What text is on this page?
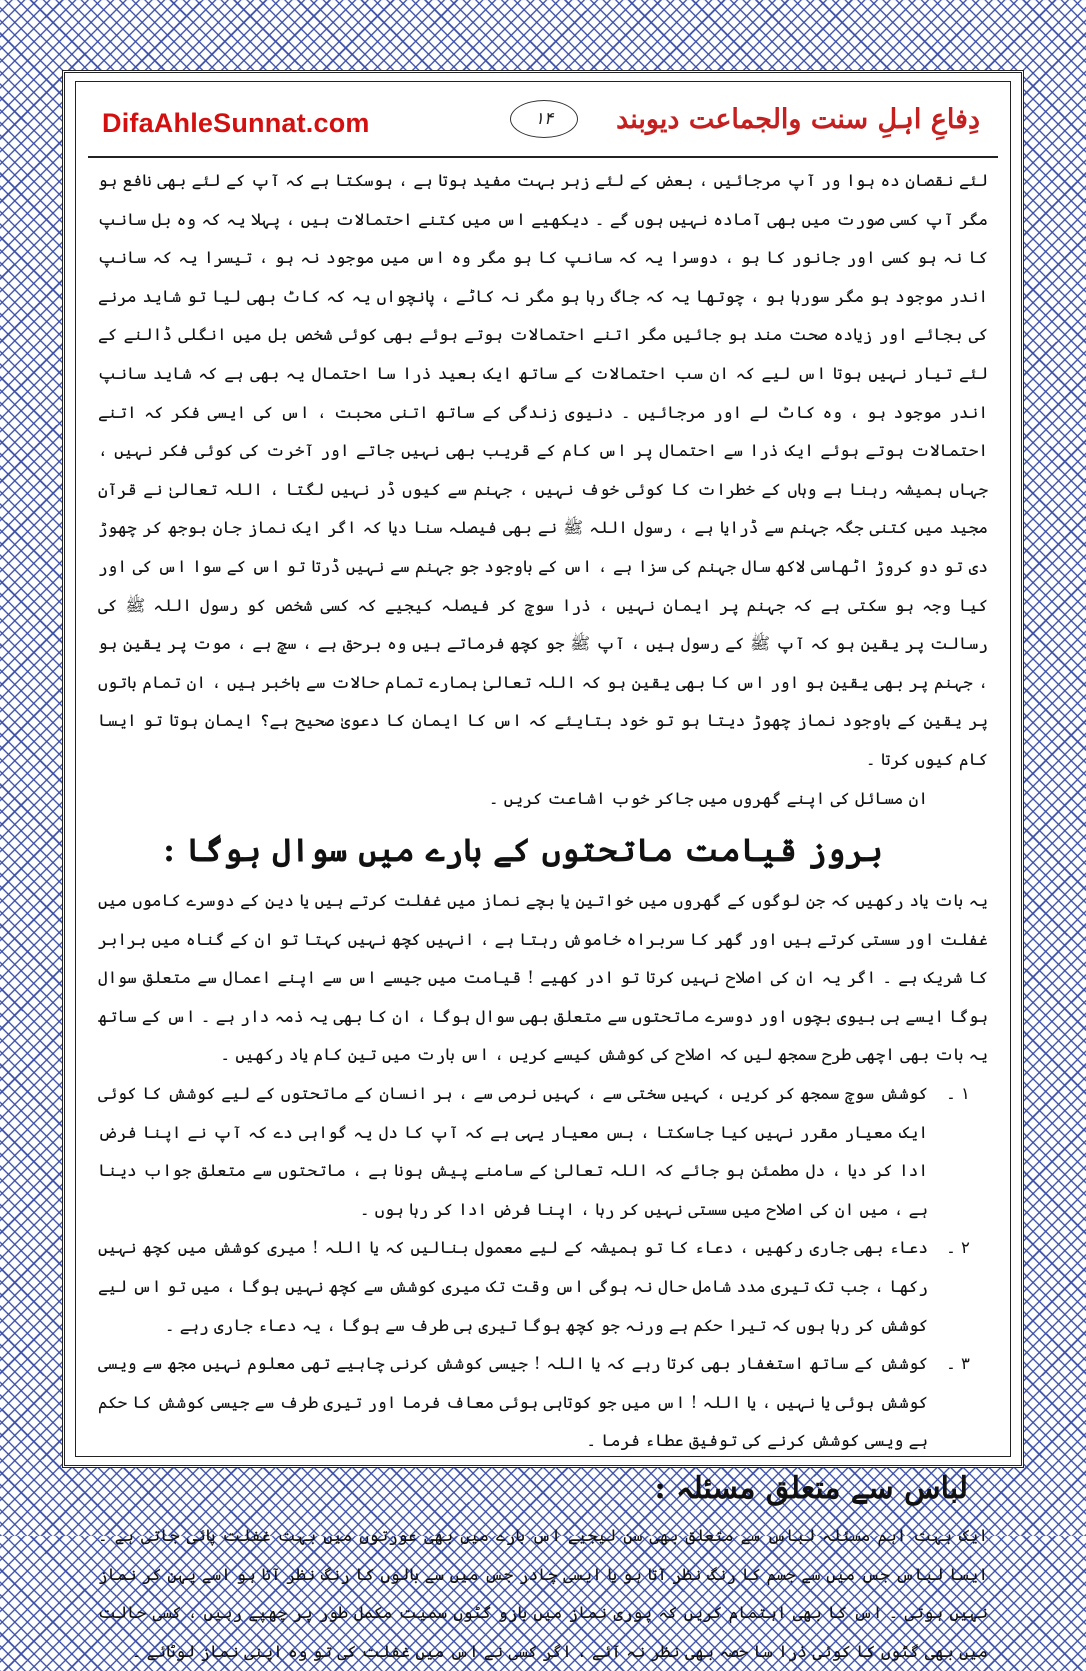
DifaAhleSunnat.com	۱۴	دِفاعِ اہلِ سنت والجماعت دیوبند

لئے نقصان دہ ہوا ور آپ مرجائیں ، بعض کے لئے زہر بہت مفید ہوتا ہے ، ہوسکتا ہے کہ آپ کے لئے بھی نافع ہو مگر آپ کسی صورت میں بھی آمادہ نہیں ہوں گے ۔ دیکھیے اس میں کتنے احتمالات ہیں ، پہلا یہ کہ وہ بل سانپ کا نہ ہو کسی اور جانور کا ہو ، دوسرا یہ کہ سانپ کا ہو مگر وہ اس میں موجود نہ ہو ، تیسرا یہ کہ سانپ اندر موجود ہو مگر سورہا ہو ، چوتھا یہ کہ جاگ رہا ہو مگر نہ کاٹے ، پانچواں یہ کہ کاٹ بھی لیا تو شاید مرنے کی بجائے اور زیادہ صحت مند ہو جائیں مگر اتنے احتمالات ہوتے ہوئے بھی کوئی شخص بل میں انگلی ڈالنے کے لئے تیار نہیں ہوتا اس لیے کہ ان سب احتمالات کے ساتھ ایک بعید ذرا سا احتمال یہ بھی ہے کہ شاید سانپ اندر موجود ہو ، وہ کاٹ لے اور مرجائیں ۔ دنیوی زندگی کے ساتھ اتنی محبت ، اس کی ایسی فکر کہ اتنے احتمالات ہوتے ہوئے ایک ذرا سے احتمال پر اس کام کے قریب بھی نہیں جاتے اور آخرت کی کوئی فکر نہیں ، جہاں ہمیشہ رہنا ہے وہاں کے خطرات کا کوئی خوف نہیں ، جہنم سے کیوں ڈر نہیں لگتا ، اللہ تعالیٰ نے قرآن مجید میں کتنی جگہ جہنم سے ڈرایا ہے ، رسول اللہ ﷺ نے بھی فیصلہ سنا دیا کہ اگر ایک نماز جان بوجھ کر چھوڑ دی تو دو کروڑ اٹھاسی لاکھ سال جہنم کی سزا ہے ، اس کے باوجود جو جہنم سے نہیں ڈرتا تو اس کے سوا اس کی اور کیا وجہ ہو سکتی ہے کہ جہنم پر ایمان نہیں ، ذرا سوچ کر فیصلہ کیجیے کہ کسی شخص کو رسول اللہ ﷺ کی رسالت پر یقین ہو کہ آپ ﷺ کے رسول ہیں ، آپ ﷺ جو کچھ فرماتے ہیں وہ برحق ہے ، سچ ہے ، موت پر یقین ہو ، جہنم پر بھی یقین ہو اور اس کا بھی یقین ہو کہ اللہ تعالیٰ ہمارے تمام حالات سے باخبر ہیں ، ان تمام باتوں پر یقین کے باوجود نماز چھوڑ دیتا ہو تو خود بتایئے کہ اس کا ایمان کا دعویٰ صحیح ہے؟ ایمان ہوتا تو ایسا کام کیوں کرتا ۔

ان مسائل کی اپنے گھروں میں جاکر خوب اشاعت کریں ۔

بروز قیامت ماتحتوں کے بارے میں سوال ہوگا :

یہ بات یاد رکھیں کہ جن لوگوں کے گھروں میں خواتین یا بچے نماز میں غفلت کرتے ہیں یا دین کے دوسرے کاموں میں غفلت اور سستی کرتے ہیں اور گھر کا سربراہ خاموش رہتا ہے ، انہیں کچھ نہیں کہتا تو ان کے گناہ میں برابر کا شریک ہے ۔ اگر یہ ان کی اصلاح نہیں کرتا تو ادر کھیے ! قیامت میں جیسے اس سے اپنے اعمال سے متعلق سوال ہوگا ایسے ہی بیوی بچوں اور دوسرے ماتحتوں سے متعلق بھی سوال ہوگا ، ان کا بھی یہ ذمہ دار ہے ۔ اس کے ساتھ یہ بات بھی اچھی طرح سمجھ لیں کہ اصلاح کی کوشش کیسے کریں ، اس بارت میں تین کام یاد رکھیں ۔

۱ ۔
کوشش سوچ سمجھ کر کریں ، کہیں سختی سے ، کہیں نرمی سے ، ہر انسان کے ماتحتوں کے لیے کوشش کا کوئی ایک معیار مقرر نہیں کیا جاسکتا ، بس معیار یہی ہے کہ آپ کا دل یہ گواہی دے کہ آپ نے اپنا فرض ادا کر دیا ، دل مطمئن ہو جائے کہ اللہ تعالیٰ کے سامنے پیش ہونا ہے ، ماتحتوں سے متعلق جواب دینا ہے ، میں ان کی اصلاح میں سستی نہیں کر رہا ، اپنا فرض ادا کر رہا ہوں ۔
۲ ۔
دعاء بھی جاری رکھیں ، دعاء کا تو ہمیشہ کے لیے معمول بنالیں کہ یا اللہ ! میری کوشش میں کچھ نہیں رکھا ، جب تک تیری مدد شامل حال نہ ہوگی اس وقت تک میری کوشش سے کچھ نہیں ہوگا ، میں تو اس لیے کوشش کر رہا ہوں کہ تیرا حکم ہے ورنہ جو کچھ ہوگا تیری ہی طرف سے ہوگا ، یہ دعاء جاری رہے ۔
۳ ۔
کوشش کے ساتھ استغفار بھی کرتا رہے کہ یا اللہ ! جیسی کوشش کرنی چاہیے تھی معلوم نہیں مجھ سے ویسی کوشش ہوئی یا نہیں ، یا اللہ ! اس میں جو کوتاہی ہوئی معاف فرما اور تیری طرف سے جیسی کوشش کا حکم ہے ویسی کوشش کرنے کی توفیق عطاء فرما ۔
لباس سے متعلق مسئلہ :

ایک بہت اہم مسئلہ لباس سے متعلق بھی سن لیجیے اس بارے میں بھی عورتوں میں بہت غفلت پائی جاتی ہے ۔ ایسا لباس جس میں سے جسم کا رنگ نظر آتا ہو یا ایسی چادر جس میں سے بالوں کا رنگ نظر آتا ہو اسے پہن کر نماز نہیں ہوتی ۔ اس کا بھی اہتمام کریں کہ پوری نماز میں بازو گٹوں سمیت مکمل طور پر چھپے رہیں ، کسی حالت میں بھی گٹوں کا کوئی ذرا سا حصہ بھی نظر نہ آئے ، اگر کسی نے اس میں غفلت کی تو وہ اپنی نماز لوٹائے ۔
